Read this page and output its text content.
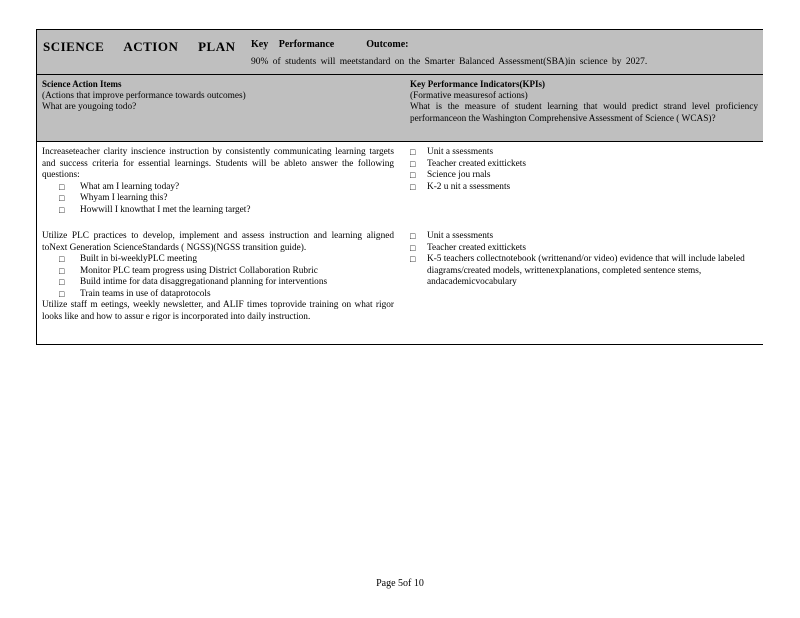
SCIENCE ACTION PLAN Key Performance	Outcome:
90% of students will meetstandard on the Smarter Balanced Assessment(SBA)in science by 2027.
Science Action Items
(Actions that improve performance towards outcomes)
What are yougoing todo?
Key Performance Indicators(KPIs)
(Formative measuresof actions)
What is the measure of student learning that would predict strand level proficiency performanceon the Washington Comprehensive Assessment of Science ( WCAS)?

Increaseteacher clarity inscience instruction by consistently communicating learning targets and success criteria for essential learnings. Students will be ableto answer the following questions:

□ What am I learning today?
□ Whyam I learning this?
□ Howwill I knowthat I met the learning target?
□ Unit a ssessments
□ Teacher created exittickets
□ Science jou rnals
□ K-2 u nit a ssessments

Utilize PLC practices to develop, implement and assess instruction and learning aligned toNext Generation ScienceStandards ( NGSS)(NGSS transition guide).

□ Built in bi-weeklyPLC meeting
□ Monitor PLC team progress using District Collaboration Rubric
□ Build intime for data disaggregationand planning for interventions
□ Train teams in use of dataprotocols

Utilize staff m eetings, weekly newsletter, and ALIF times toprovide training on what rigor looks like and how to assur e rigor is incorporated into daily instruction.

□ Unit a ssessments
□ Teacher created exittickets
□ K-5 teachers collectnotebook (writtenand/or video) evidence that will include labeled diagrams/created models, writtenexplanations, completed sentence stems, andacademicvocabulary
Page 5of 10
